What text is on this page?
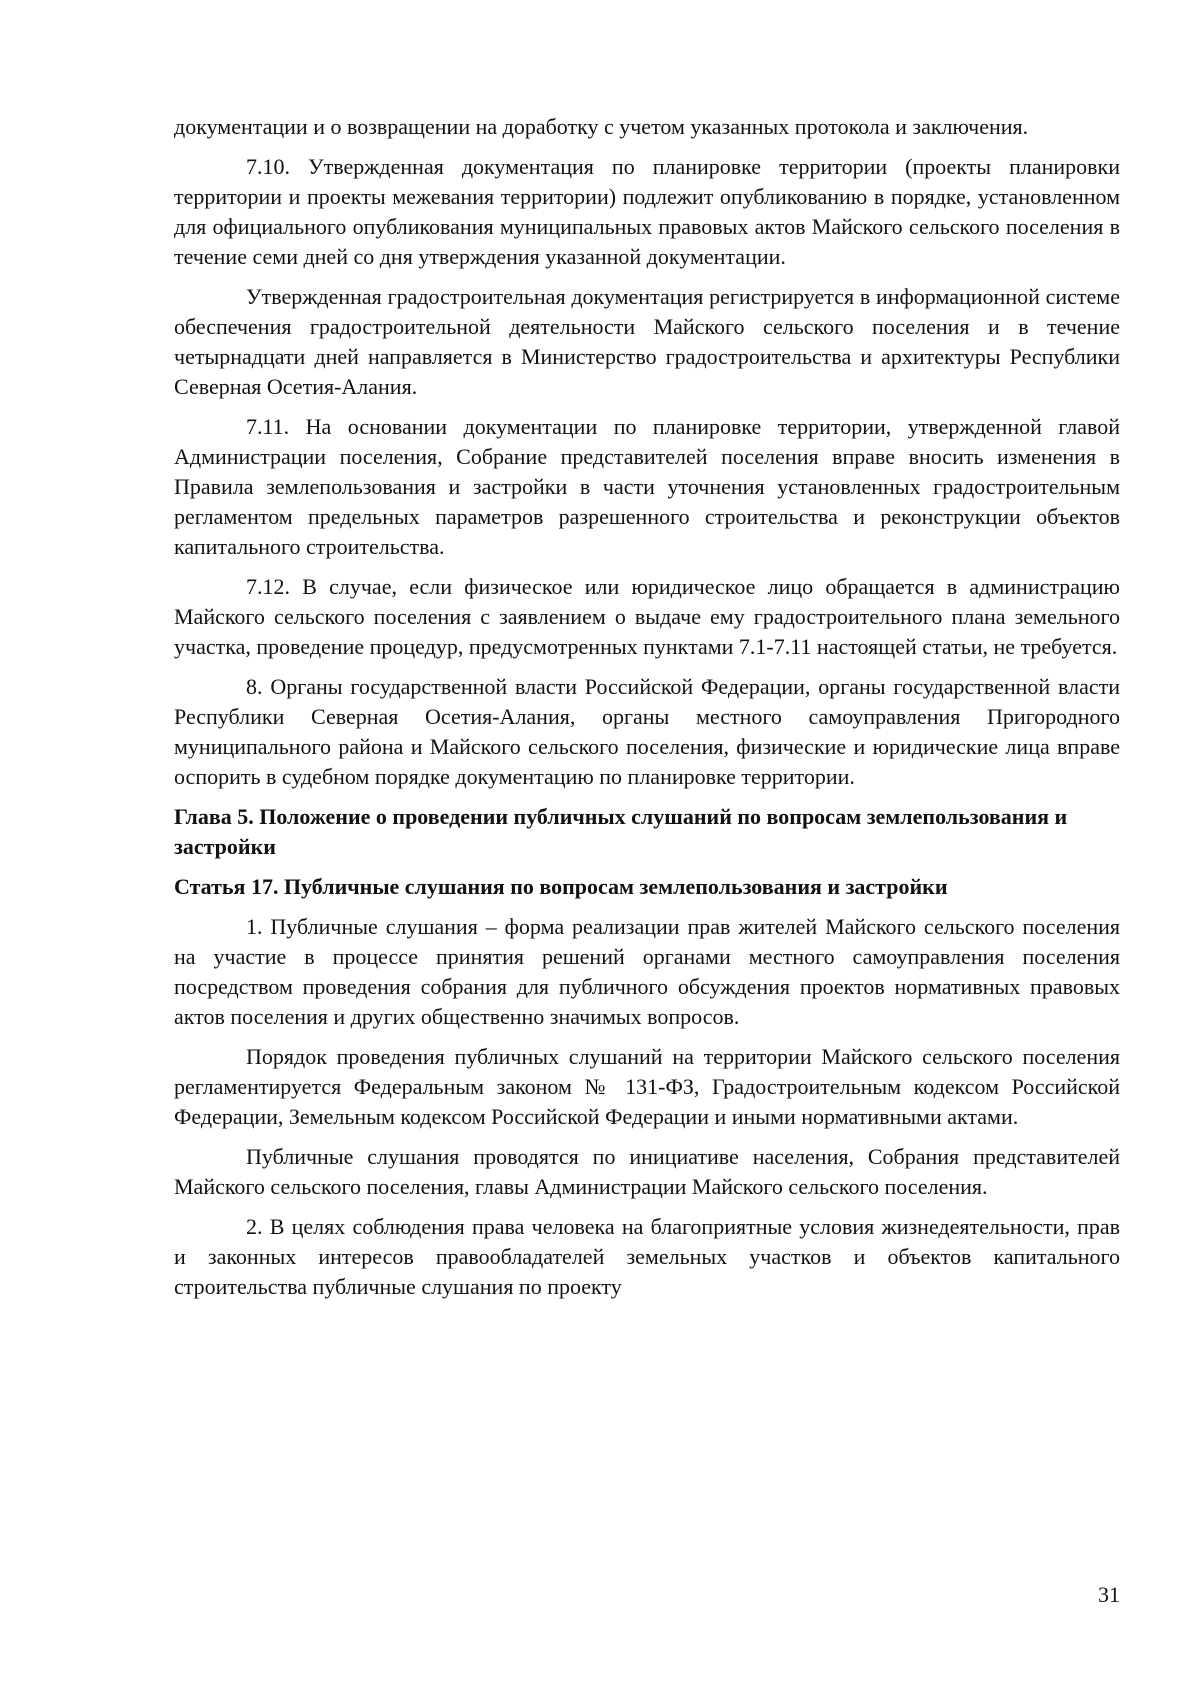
документации и о возвращении на доработку с учетом указанных протокола и заключения.

7.10. Утвержденная документация по планировке территории (проекты планировки территории и проекты межевания территории) подлежит опубликованию в порядке, установленном для официального опубликования муниципальных правовых актов Майского сельского поселения в течение семи дней со дня утверждения указанной документации.

Утвержденная градостроительная документация регистрируется в информационной системе обеспечения градостроительной деятельности Майского сельского поселения и в течение четырнадцати дней направляется в Министерство градостроительства и архитектуры Республики Северная Осетия-Алания.

7.11. На основании документации по планировке территории, утвержденной главой Администрации поселения, Собрание представителей поселения вправе вносить изменения в Правила землепользования и застройки в части уточнения установленных градостроительным регламентом предельных параметров разрешенного строительства и реконструкции объектов капитального строительства.

7.12. В случае, если физическое или юридическое лицо обращается в администрацию Майского сельского поселения с заявлением о выдаче ему градостроительного плана земельного участка, проведение процедур, предусмотренных пунктами 7.1-7.11 настоящей статьи, не требуется.

8. Органы государственной власти Российской Федерации, органы государственной власти Республики Северная Осетия-Алания, органы местного самоуправления Пригородного муниципального района и Майского сельского поселения, физические и юридические лица вправе оспорить в судебном порядке документацию по планировке территории.

Глава 5. Положение о проведении публичных слушаний по вопросам землепользования и застройки
Статья 17. Публичные слушания по вопросам землепользования и застройки

1. Публичные слушания – форма реализации прав жителей Майского сельского поселения на участие в процессе принятия решений органами местного самоуправления поселения посредством проведения собрания для публичного обсуждения проектов нормативных правовых актов поселения и других общественно значимых вопросов.

Порядок проведения публичных слушаний на территории Майского сельского поселения регламентируется Федеральным законом № 131-ФЗ, Градостроительным кодексом Российской Федерации, Земельным кодексом Российской Федерации и иными нормативными актами.

Публичные слушания проводятся по инициативе населения, Собрания представителей Майского сельского поселения, главы Администрации Майского сельского поселения.

2. В целях соблюдения права человека на благоприятные условия жизнедеятельности, прав и законных интересов правообладателей земельных участков и объектов капитального строительства публичные слушания по проекту

31
